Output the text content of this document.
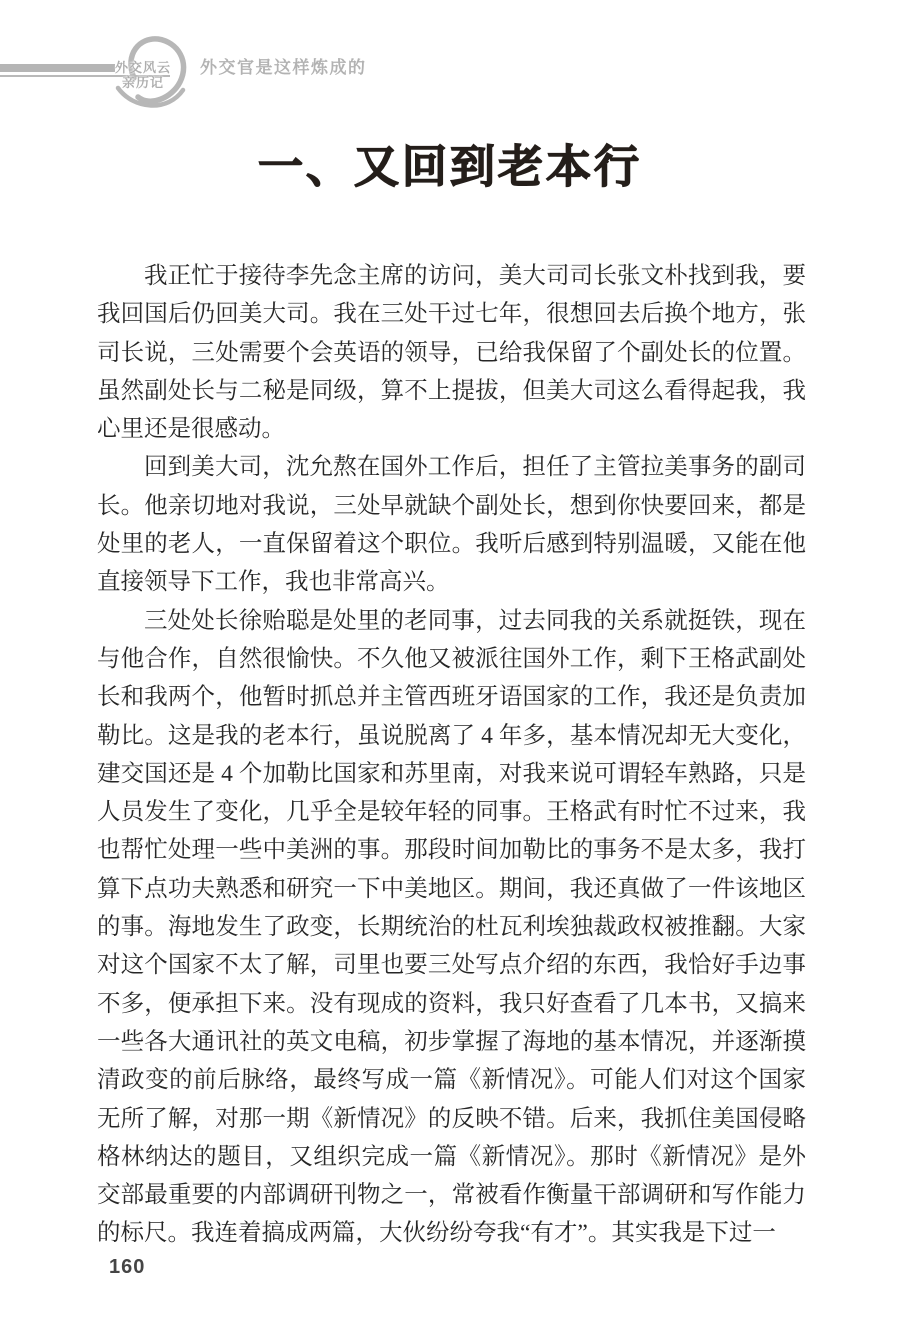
外交风云
亲历记
外交官是这样炼成的
一、又回到老本行

我正忙于接待李先念主席的访问，美大司司长张文朴找到我，要我回国后仍回美大司。我在三处干过七年，很想回去后换个地方，张司长说，三处需要个会英语的领导，已给我保留了个副处长的位置。虽然副处长与二秘是同级，算不上提拔，但美大司这么看得起我，我心里还是很感动。

回到美大司，沈允熬在国外工作后，担任了主管拉美事务的副司长。他亲切地对我说，三处早就缺个副处长，想到你快要回来，都是处里的老人，一直保留着这个职位。我听后感到特别温暖，又能在他直接领导下工作，我也非常高兴。

三处处长徐贻聪是处里的老同事，过去同我的关系就挺铁，现在与他合作，自然很愉快。不久他又被派往国外工作，剩下王格武副处长和我两个，他暂时抓总并主管西班牙语国家的工作，我还是负责加勒比。这是我的老本行，虽说脱离了 4 年多，基本情况却无大变化，建交国还是 4 个加勒比国家和苏里南，对我来说可谓轻车熟路，只是人员发生了变化，几乎全是较年轻的同事。王格武有时忙不过来，我也帮忙处理一些中美洲的事。那段时间加勒比的事务不是太多，我打算下点功夫熟悉和研究一下中美地区。期间，我还真做了一件该地区的事。海地发生了政变，长期统治的杜瓦利埃独裁政权被推翻。大家对这个国家不太了解，司里也要三处写点介绍的东西，我恰好手边事不多，便承担下来。没有现成的资料，我只好查看了几本书，又搞来一些各大通讯社的英文电稿，初步掌握了海地的基本情况，并逐渐摸清政变的前后脉络，最终写成一篇《新情况》。可能人们对这个国家无所了解，对那一期《新情况》的反映不错。后来，我抓住美国侵略格林纳达的题目，又组织完成一篇《新情况》。那时《新情况》是外交部最重要的内部调研刊物之一，常被看作衡量干部调研和写作能力的标尺。我连着搞成两篇，大伙纷纷夸我“有才”。其实我是下过一

160
